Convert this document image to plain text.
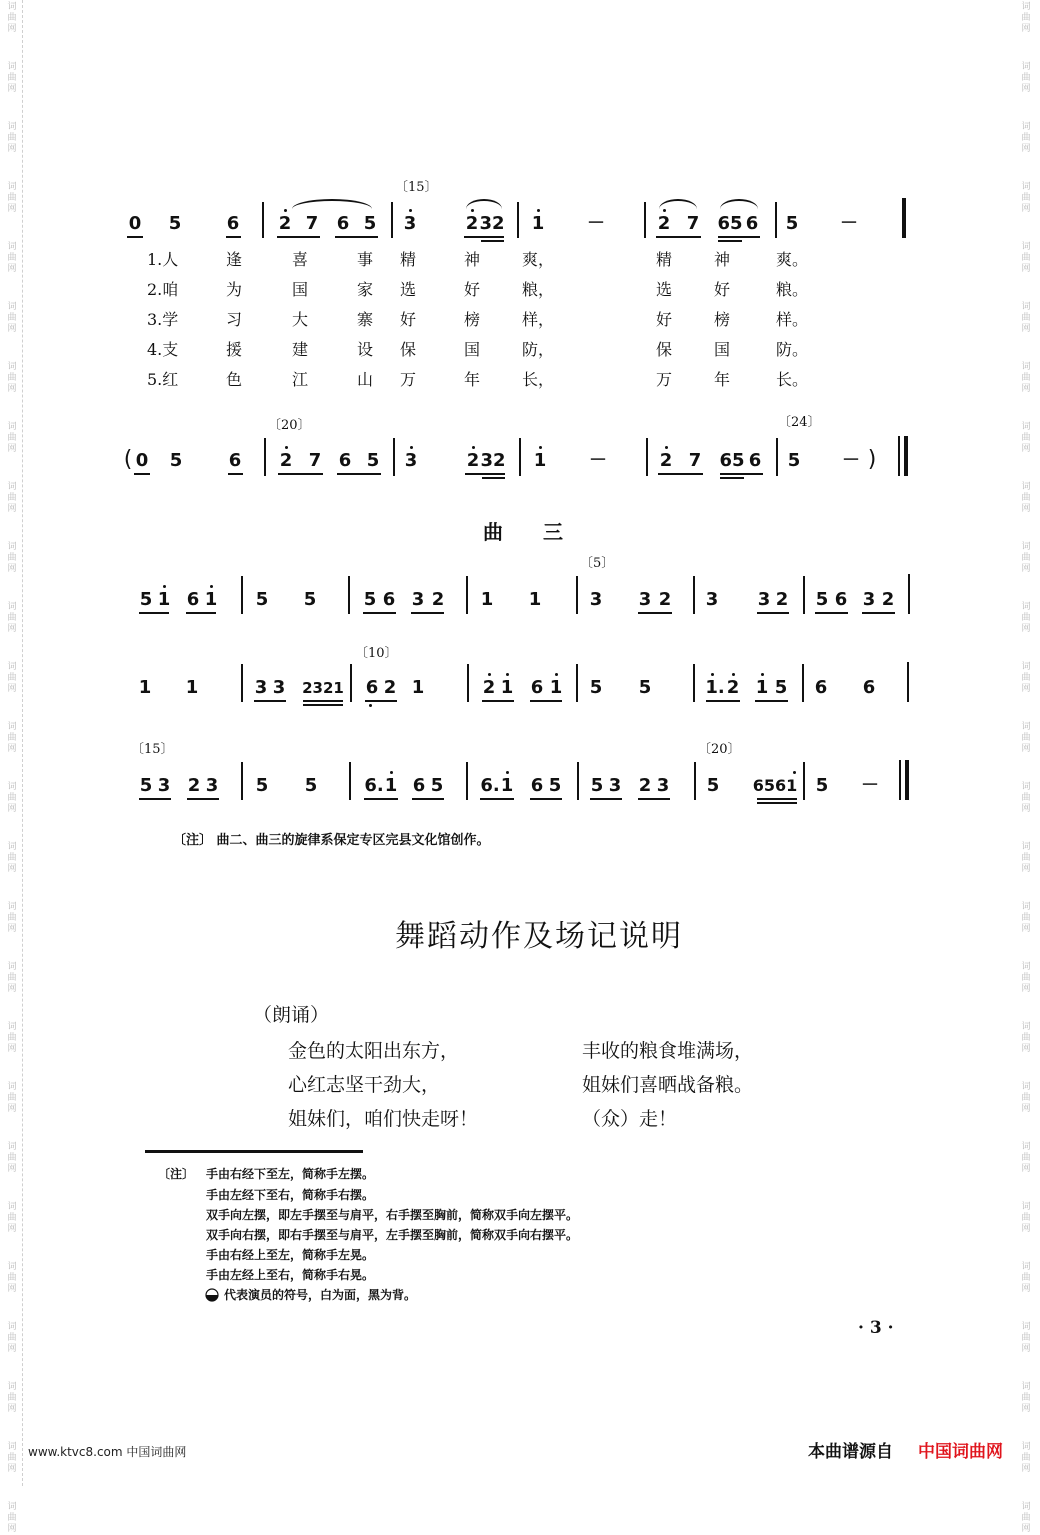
词
曲
网
词
曲
网
词
曲
网
词
曲
网
词
曲
网
词
曲
网
词
曲
网
词
曲
网
词
曲
网
词
曲
网
词
曲
网
词
曲
网
词
曲
网
词
曲
网
词
曲
网
词
曲
网
词
曲
网
词
曲
网
词
曲
网
词
曲
网
词
曲
网
词
曲
网
词
曲
网
词
曲
网
词
曲
网
词
曲
网
词
曲
网
词
曲
网
词
曲
网
词
曲
网
词
曲
网
词
曲
网
词
曲
网
词
曲
网
词
曲
网
词
曲
网
词
曲
网
词
曲
网
词
曲
网
词
曲
网
词
曲
网
词
曲
网
词
曲
网
词
曲
网
词
曲
网
词
曲
网
词
曲
网
词
曲
网
词
曲
网
词
曲
网
词
曲
网
词
曲
网
〔15〕
0 5	6 2 7 6 5 3	2 32 1 －	2 7 65 6 5 －
1.人	逢	喜	事 精	神	爽，	精	神	爽。
2.咱	为	国	家 选	好	粮，	选	好	粮。
3.学	习	大	寨 好	榜	样，	好	榜	样。
4.支	援	建	设 保	国	防，	保	国	防。
5.红	色	江	山 万	年	长，	万	年	长。
〔20〕	〔24〕
( 0 5	6 2 7 6 5 3	2 32 1 －	2 7 65 6 5 － )
曲三
〔5〕
5 1 6 1 5 5	5 6 3 2 1 1	3 3 2 3 3 2 5 6 3 2
〔10〕
1 1	3 3 2321 6 2 1	2 1 6 1 5 5	1. 2 1 5 6 6
〔15〕	〔20〕
5 3 2 3 5 5	6. 1 6 5 6. 1 6 5 5 3 2 3 5 6561 5 －
〔注〕 曲二、曲三的旋律系保定专区完县文化馆创作。
舞蹈动作及场记说明
（朗诵）
金色的太阳出东方，
心红志坚干劲大，
姐妹们，咱们快走呀！
丰收的粮食堆满场，
姐妹们喜晒战备粮。
（众）走！
〔注〕 手由右经下至左，简称手左摆。
手由左经下至右，简称手右摆。
双手向左摆，即左手摆至与肩平，右手摆至胸前，简称双手向左摆平。
双手向右摆，即右手摆至与肩平，左手摆至胸前，简称双手向右摆平。
手由右经上至左，简称手左晃。
手由左经上至右，简称手右晃。
代表演员的符号，白为面，黑为背。
· 3 ·
www.ktvc8.com 中国词曲网	本曲谱源自 中国词曲网
